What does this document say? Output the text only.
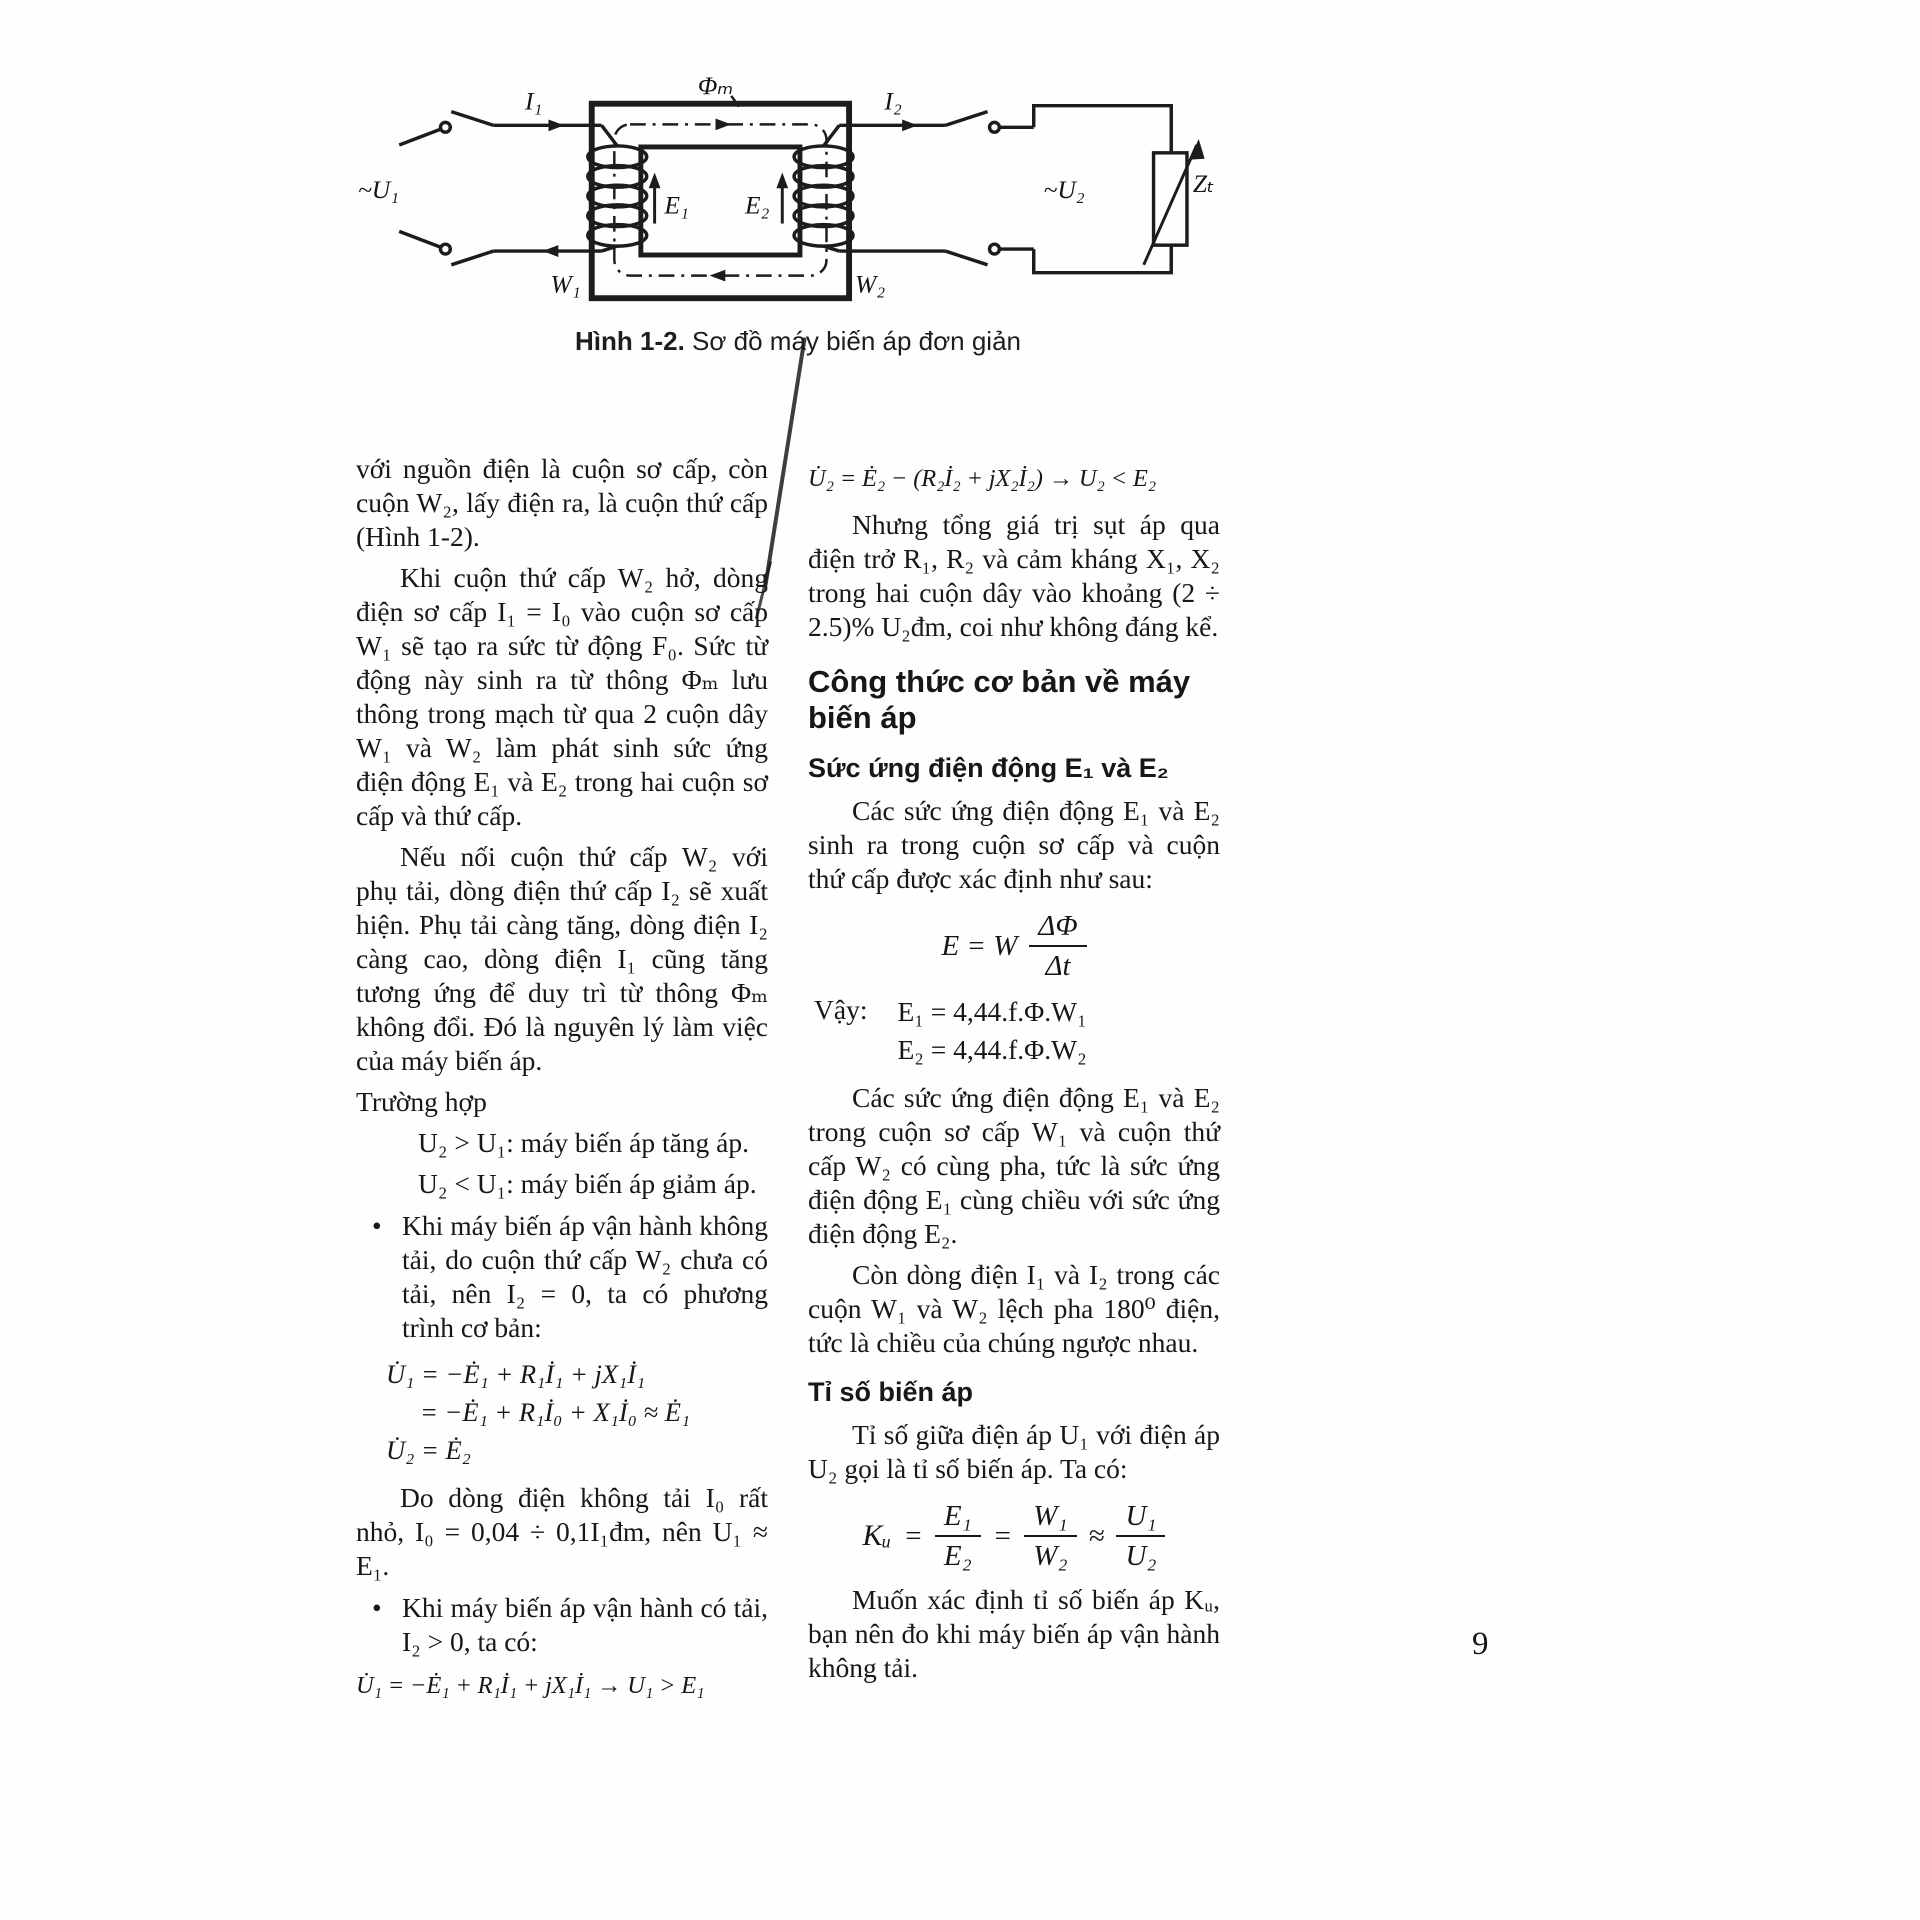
Φₘ
I₁	I₂
~U₁	~U₂
E₁ E₂
W₁	W₂
Zₜ
Hình 1-2. Sơ đồ máy biến áp đơn giản

với nguồn điện là cuộn sơ cấp, còn cuộn W₂, lấy điện ra, là cuộn thứ cấp (Hình 1-2).

Khi cuộn thứ cấp W₂ hở, dòng điện sơ cấp I₁ = I₀ vào cuộn sơ cấp W₁ sẽ tạo ra sức từ động F₀. Sức từ động này sinh ra từ thông Φₘ lưu thông trong mạch từ qua 2 cuộn dây W₁ và W₂ làm phát sinh sức ứng điện động E₁ và E₂ trong hai cuộn sơ cấp và thứ cấp.

Nếu nối cuộn thứ cấp W₂ với phụ tải, dòng điện thứ cấp I₂ sẽ xuất hiện. Phụ tải càng tăng, dòng điện I₂ càng cao, dòng điện I₁ cũng tăng tương ứng để duy trì từ thông Φₘ không đổi. Đó là nguyên lý làm việc của máy biến áp.

Trường hợp

U₂ > U₁: máy biến áp tăng áp.

U₂ < U₁: máy biến áp giảm áp.

• Khi máy biến áp vận hành không tải, do cuộn thứ cấp W₂ chưa có tải, nên I₂ = 0, ta có phương trình cơ bản:
U̇₁ = −Ė₁ + R₁İ₁ + jX₁İ₁
= −Ė₁ + R₁İ₀ + X₁İ₀ ≈ Ė₁
U̇₂ = Ė₂

Do dòng điện không tải I₀ rất nhỏ, I₀ = 0,04 ÷ 0,1I₁đm, nên U₁ ≈ E₁.

• Khi máy biến áp vận hành có tải, I₂ > 0, ta có:
U̇₁ = −Ė₁ + R₁İ₁ + jX₁İ₁ → U₁ > E₁
U̇₂ = Ė₂ − (R₂İ₂ + jX₂İ₂) → U₂ < E₂

Nhưng tổng giá trị sụt áp qua điện trở R₁, R₂ và cảm kháng X₁, X₂ trong hai cuộn dây vào khoảng (2 ÷ 2.5)% U₂đm, coi như không đáng kể.

Công thức cơ bản về máy biến áp
Sức ứng điện động E₁ và E₂

Các sức ứng điện động E₁ và E₂ sinh ra trong cuộn sơ cấp và cuộn thứ cấp được xác định như sau:

E = W $\frac{\Delta\Phi}{\Delta t}$
Vậy: E₁ = 4,44.f.Φ.W₁
E₂ = 4,44.f.Φ.W₂

Các sức ứng điện động E₁ và E₂ trong cuộn sơ cấp W₁ và cuộn thứ cấp W₂ có cùng pha, tức là sức ứng điện động E₁ cùng chiều với sức ứng điện động E₂.

Còn dòng điện I₁ và I₂ trong các cuộn W₁ và W₂ lệch pha 180⁰ điện, tức là chiều của chúng ngược nhau.

Tỉ số biến áp

Tỉ số giữa điện áp U₁ với điện áp U₂ gọi là tỉ số biến áp. Ta có:

Kᵤ = $\frac{\text{E₁}}{\text{E₂}} = \frac{\text{W₁}}{\text{W₂}} \approx \frac{\text{U₁}}{\text{U₂}}$

Muốn xác định tỉ số biến áp Kᵤ, bạn nên đo khi máy biến áp vận hành không tải.

9
